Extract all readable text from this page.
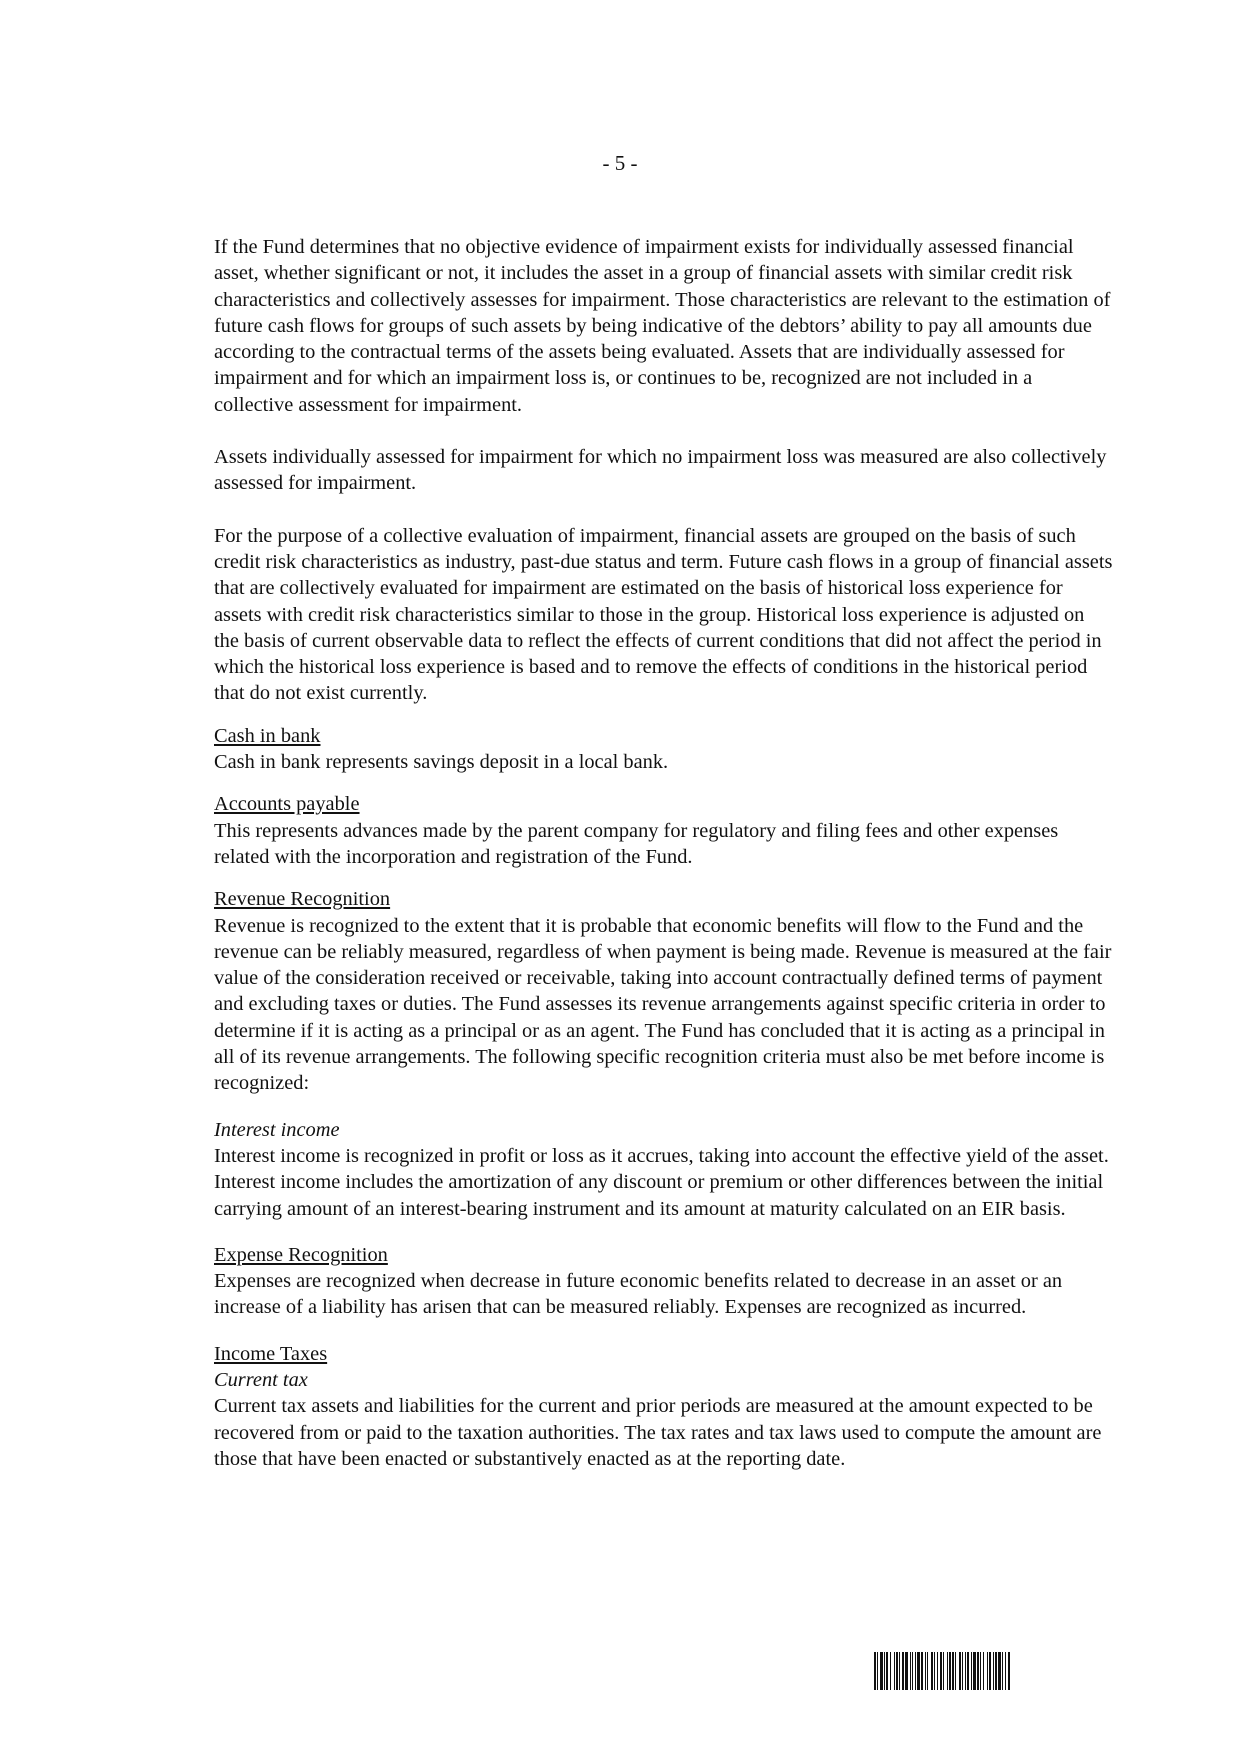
- 5 -

If the Fund determines that no objective evidence of impairment exists for individually assessed financial asset, whether significant or not, it includes the asset in a group of financial assets with similar credit risk characteristics and collectively assesses for impairment. Those characteristics are relevant to the estimation of future cash flows for groups of such assets by being indicative of the debtors’ ability to pay all amounts due according to the contractual terms of the assets being evaluated. Assets that are individually assessed for impairment and for which an impairment loss is, or continues to be, recognized are not included in a collective assessment for impairment.

Assets individually assessed for impairment for which no impairment loss was measured are also collectively assessed for impairment.

For the purpose of a collective evaluation of impairment, financial assets are grouped on the basis of such credit risk characteristics as industry, past-due status and term. Future cash flows in a group of financial assets that are collectively evaluated for impairment are estimated on the basis of historical loss experience for assets with credit risk characteristics similar to those in the group. Historical loss experience is adjusted on the basis of current observable data to reflect the effects of current conditions that did not affect the period in which the historical loss experience is based and to remove the effects of conditions in the historical period that do not exist currently.

Cash in bank

Cash in bank represents savings deposit in a local bank.

Accounts payable

This represents advances made by the parent company for regulatory and filing fees and other expenses related with the incorporation and registration of the Fund.

Revenue Recognition

Revenue is recognized to the extent that it is probable that economic benefits will flow to the Fund and the revenue can be reliably measured, regardless of when payment is being made. Revenue is measured at the fair value of the consideration received or receivable, taking into account contractually defined terms of payment and excluding taxes or duties. The Fund assesses its revenue arrangements against specific criteria in order to determine if it is acting as a principal or as an agent. The Fund has concluded that it is acting as a principal in all of its revenue arrangements. The following specific recognition criteria must also be met before income is recognized:

Interest income

Interest income is recognized in profit or loss as it accrues, taking into account the effective yield of the asset. Interest income includes the amortization of any discount or premium or other differences between the initial carrying amount of an interest-bearing instrument and its amount at maturity calculated on an EIR basis.

Expense Recognition

Expenses are recognized when decrease in future economic benefits related to decrease in an asset or an increase of a liability has arisen that can be measured reliably. Expenses are recognized as incurred.

Income Taxes

Current tax

Current tax assets and liabilities for the current and prior periods are measured at the amount expected to be recovered from or paid to the taxation authorities. The tax rates and tax laws used to compute the amount are those that have been enacted or substantively enacted as at the reporting date.
